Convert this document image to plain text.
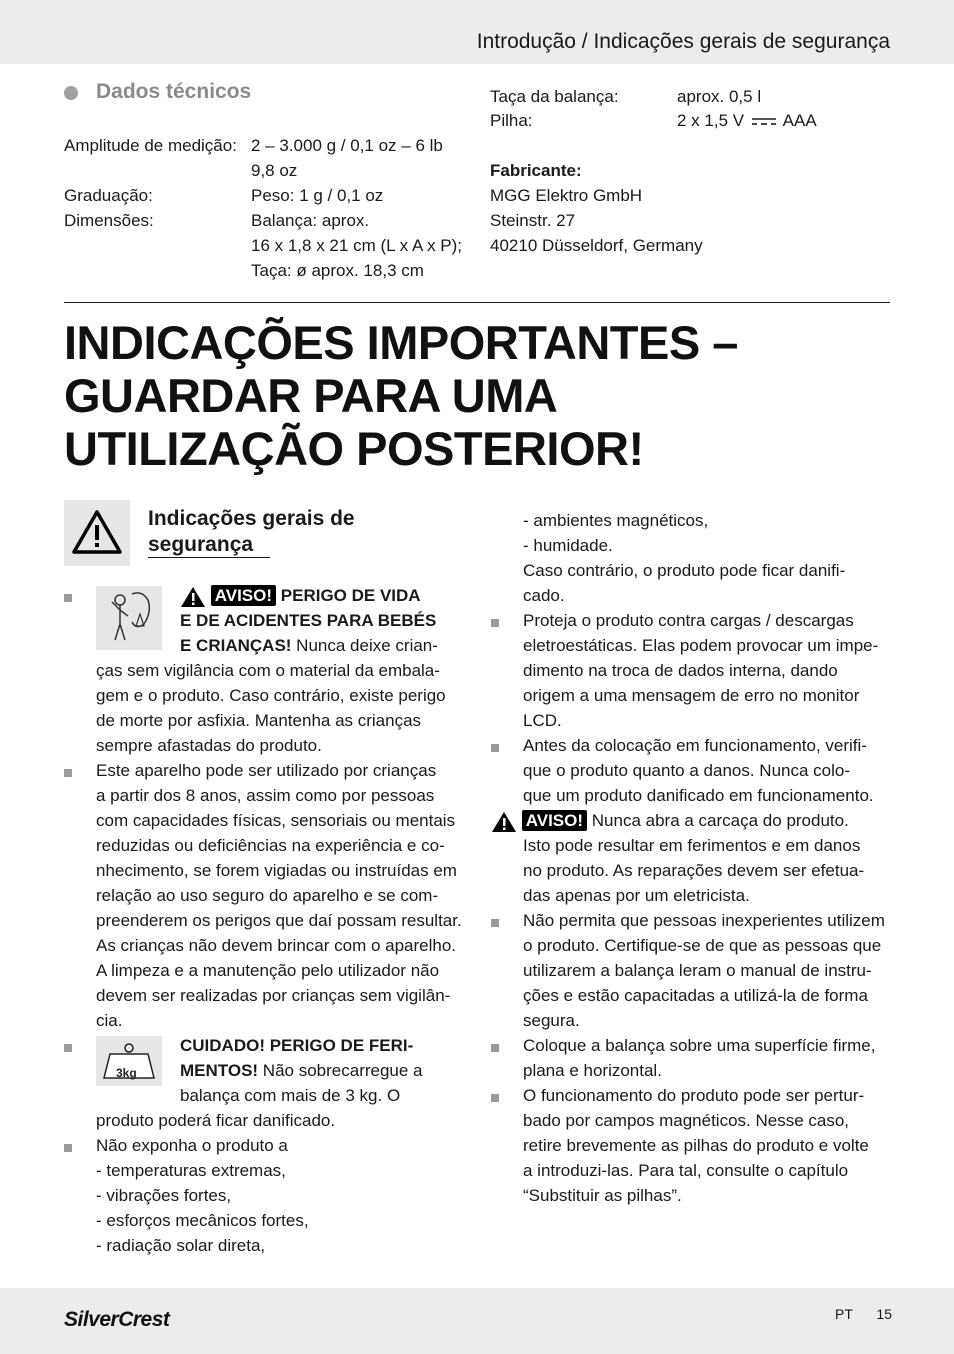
Introdução / Indicações gerais de segurança
Dados técnicos
Amplitude de medição:
Graduação:
Dimensões:
2 – 3.000 g / 0,1 oz – 6 lb
9,8 oz
Peso: 1 g / 0,1 oz
Balança: aprox.
16 x 1,8 x 21 cm (L x A x P);
Taça: ø aprox. 18,3 cm
Taça da balança:
Pilha:
aprox. 0,5 l
2 x 1,5 V AAA
Fabricante:
MGG Elektro GmbH
Steinstr. 27
40210 Düsseldorf, Germany
INDICAÇÕES IMPORTANTES –
GUARDAR PARA UMA
UTILIZAÇÃO POSTERIOR!
Indicações gerais de
segurança
AVISO! PERIGO DE VIDA
E DE ACIDENTES PARA BEBÉS
E CRIANÇAS! Nunca deixe crian-
ças sem vigilância com o material da embala-
gem e o produto. Caso contrário, existe perigo
de morte por asfixia. Mantenha as crianças
sempre afastadas do produto.
Este aparelho pode ser utilizado por crianças
a partir dos 8 anos, assim como por pessoas
com capacidades físicas, sensoriais ou mentais
reduzidas ou deficiências na experiência e co-
nhecimento, se forem vigiadas ou instruídas em
relação ao uso seguro do aparelho e se com-
preenderem os perigos que daí possam resultar.
As crianças não devem brincar com o aparelho.
A limpeza e a manutenção pelo utilizador não
devem ser realizadas por crianças sem vigilân-
cia.
3kg
CUIDADO! PERIGO DE FERI-
MENTOS! Não sobrecarregue a
balança com mais de 3 kg. O
produto poderá ficar danificado.
Não exponha o produto a
- temperaturas extremas,
- vibrações fortes,
- esforços mecânicos fortes,
- radiação solar direta,
- ambientes magnéticos,
- humidade.
Caso contrário, o produto pode ficar danifi-
cado.
Proteja o produto contra cargas / descargas
eletroestáticas. Elas podem provocar um impe-
dimento na troca de dados interna, dando
origem a uma mensagem de erro no monitor
LCD.
Antes da colocação em funcionamento, verifi-
que o produto quanto a danos. Nunca colo-
que um produto danificado em funcionamento.
AVISO! Nunca abra a carcaça do produto.
Isto pode resultar em ferimentos e em danos
no produto. As reparações devem ser efetua-
das apenas por um eletricista.
Não permita que pessoas inexperientes utilizem
o produto. Certifique-se de que as pessoas que
utilizarem a balança leram o manual de instru-
ções e estão capacitadas a utilizá-la de forma
segura.
Coloque a balança sobre uma superfície firme,
plana e horizontal.
O funcionamento do produto pode ser pertur-
bado por campos magnéticos. Nesse caso,
retire brevemente as pilhas do produto e volte
a introduzi-las. Para tal, consulte o capítulo
“Substituir as pilhas”.
SilverCrest	PT 15
